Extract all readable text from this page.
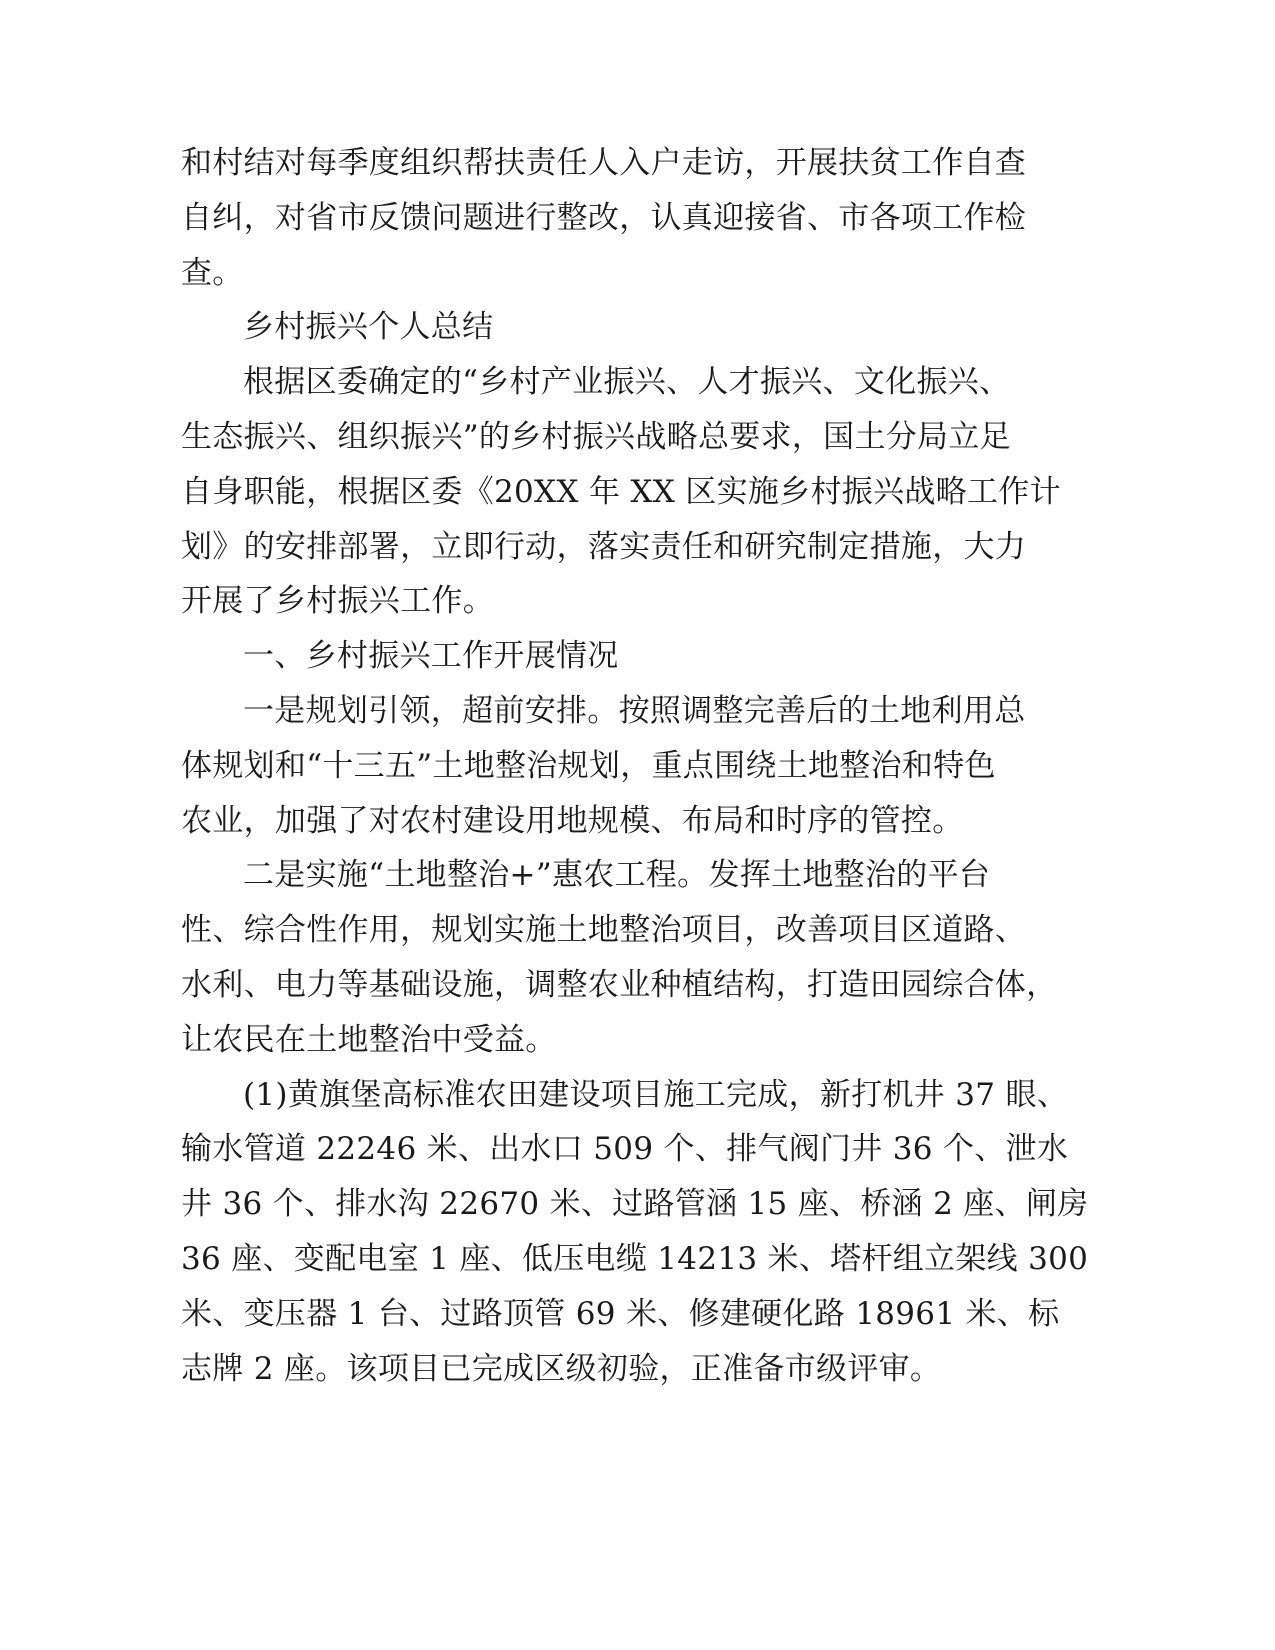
和村结对每季度组织帮扶责任人入户走访，开展扶贫工作自查
自纠，对省市反馈问题进行整改，认真迎接省、市各项工作检
查。
乡村振兴个人总结
根据区委确定的“乡村产业振兴、人才振兴、文化振兴、
生态振兴、组织振兴”的乡村振兴战略总要求，国土分局立足
自身职能，根据区委《20XX 年 XX 区实施乡村振兴战略工作计
划》的安排部署，立即行动，落实责任和研究制定措施，大力
开展了乡村振兴工作。
一、乡村振兴工作开展情况
一是规划引领，超前安排。按照调整完善后的土地利用总
体规划和“十三五”土地整治规划，重点围绕土地整治和特色
农业，加强了对农村建设用地规模、布局和时序的管控。
二是实施“土地整治+”惠农工程。发挥土地整治的平台
性、综合性作用，规划实施土地整治项目，改善项目区道路、
水利、电力等基础设施，调整农业种植结构，打造田园综合体，
让农民在土地整治中受益。
(1)黄旗堡高标准农田建设项目施工完成，新打机井 37 眼、
输水管道 22246 米、出水口 509 个、排气阀门井 36 个、泄水
井 36 个、排水沟 22670 米、过路管涵 15 座、桥涵 2 座、闸房
36 座、变配电室 1 座、低压电缆 14213 米、塔杆组立架线 300
米、变压器 1 台、过路顶管 69 米、修建硬化路 18961 米、标
志牌 2 座。该项目已完成区级初验，正准备市级评审。
